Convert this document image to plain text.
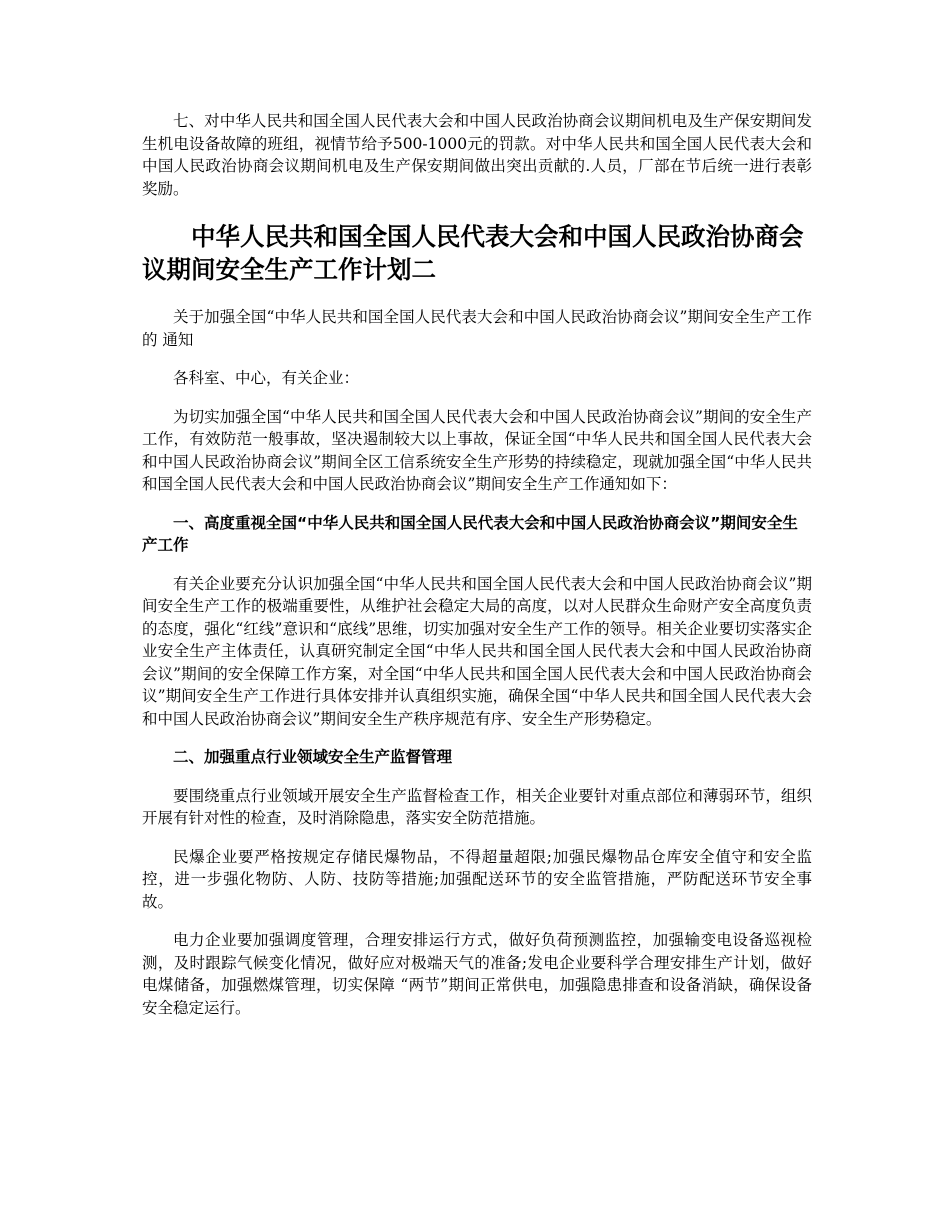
七、对中华人民共和国全国人民代表大会和中国人民政治协商会议期间机电及生产保安期间发生机电设备故障的班组，视情节给予500-1000元的罚款。对中华人民共和国全国人民代表大会和中国人民政治协商会议期间机电及生产保安期间做出突出贡献的.人员，厂部在节后统一进行表彰奖励。

中华人民共和国全国人民代表大会和中国人民政治协商会议期间安全生产工作计划二

关于加强全国“中华人民共和国全国人民代表大会和中国人民政治协商会议”期间安全生产工作的 通知

各科室、中心，有关企业：

为切实加强全国“中华人民共和国全国人民代表大会和中国人民政治协商会议”期间的安全生产工作，有效防范一般事故，坚决遏制较大以上事故，保证全国“中华人民共和国全国人民代表大会和中国人民政治协商会议”期间全区工信系统安全生产形势的持续稳定，现就加强全国“中华人民共和国全国人民代表大会和中国人民政治协商会议”期间安全生产工作通知如下：

一、高度重视全国“中华人民共和国全国人民代表大会和中国人民政治协商会议”期间安全生产工作

有关企业要充分认识加强全国“中华人民共和国全国人民代表大会和中国人民政治协商会议”期间安全生产工作的极端重要性，从维护社会稳定大局的高度，以对人民群众生命财产安全高度负责的态度，强化“红线”意识和“底线”思维，切实加强对安全生产工作的领导。相关企业要切实落实企业安全生产主体责任，认真研究制定全国“中华人民共和国全国人民代表大会和中国人民政治协商会议”期间的安全保障工作方案，对全国“中华人民共和国全国人民代表大会和中国人民政治协商会议”期间安全生产工作进行具体安排并认真组织实施，确保全国“中华人民共和国全国人民代表大会和中国人民政治协商会议”期间安全生产秩序规范有序、安全生产形势稳定。

二、加强重点行业领域安全生产监督管理

要围绕重点行业领域开展安全生产监督检查工作，相关企业要针对重点部位和薄弱环节，组织开展有针对性的检查，及时消除隐患，落实安全防范措施。

民爆企业要严格按规定存储民爆物品，不得超量超限;加强民爆物品仓库安全值守和安全监控，进一步强化物防、人防、技防等措施;加强配送环节的安全监管措施，严防配送环节安全事故。

电力企业要加强调度管理，合理安排运行方式，做好负荷预测监控，加强输变电设备巡视检测，及时跟踪气候变化情况，做好应对极端天气的准备;发电企业要科学合理安排生产计划，做好电煤储备，加强燃煤管理，切实保障 “两节”期间正常供电，加强隐患排查和设备消缺，确保设备安全稳定运行。
